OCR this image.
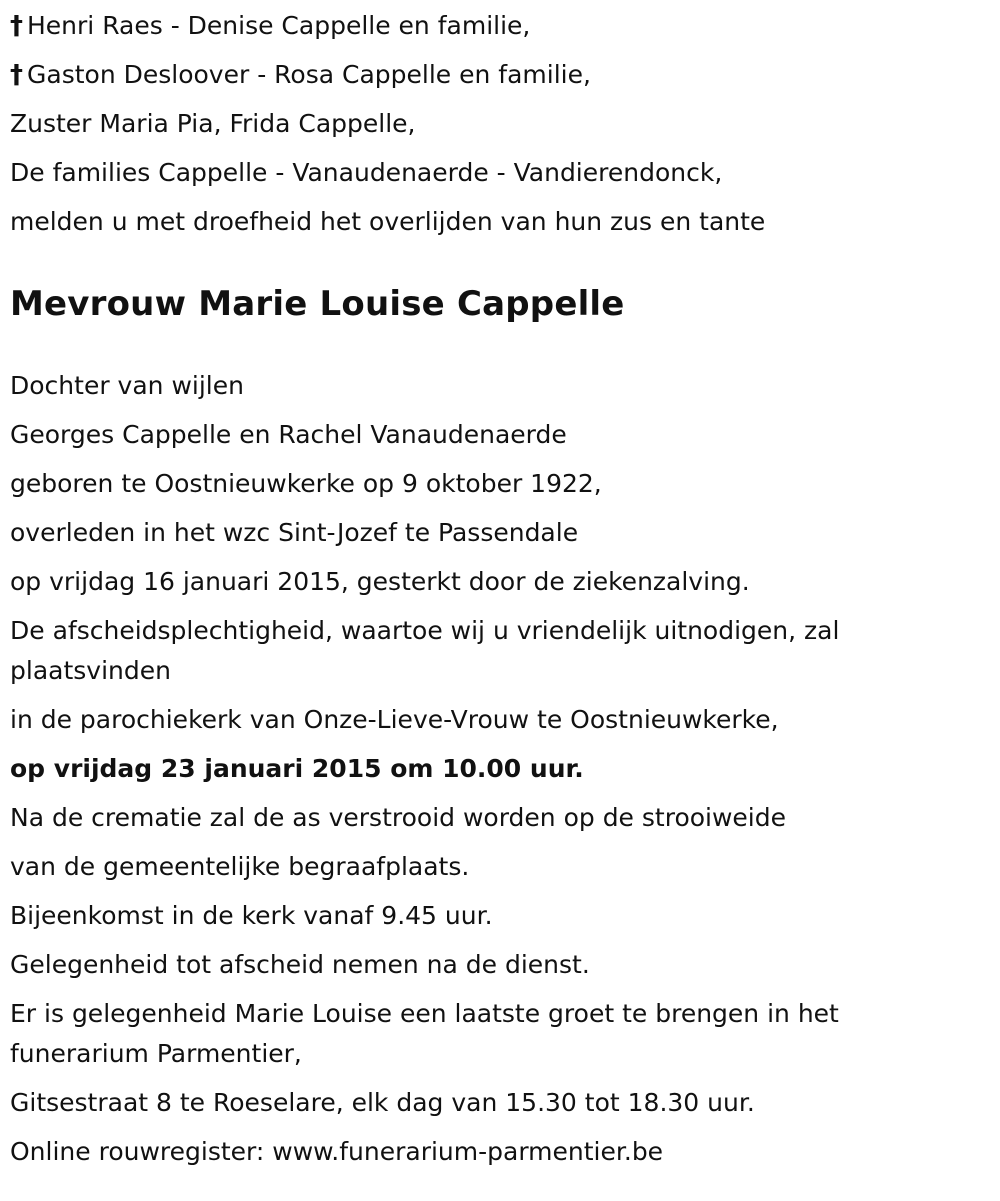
† Henri Raes - Denise Cappelle en familie,
† Gaston Desloover - Rosa Cappelle en familie,
Zuster Maria Pia, Frida Cappelle,
De families Cappelle - Vanaudenaerde - Vandierendonck,
melden u met droefheid het overlijden van hun zus en tante
Mevrouw Marie Louise Cappelle
Dochter van wijlen
Georges Cappelle en Rachel Vanaudenaerde
geboren te Oostnieuwkerke op 9 oktober 1922,
overleden in het wzc Sint-Jozef te Passendale
op vrijdag 16 januari 2015, gesterkt door de ziekenzalving.
De afscheidsplechtigheid, waartoe wij u vriendelijk uitnodigen, zal
plaatsvinden
in de parochiekerk van Onze-Lieve-Vrouw te Oostnieuwkerke,
op vrijdag 23 januari 2015 om 10.00 uur.
Na de crematie zal de as verstrooid worden op de strooiweide
van de gemeentelijke begraafplaats.
Bijeenkomst in de kerk vanaf 9.45 uur.
Gelegenheid tot afscheid nemen na de dienst.
Er is gelegenheid Marie Louise een laatste groet te brengen in het
funerarium Parmentier,
Gitsestraat 8 te Roeselare, elk dag van 15.30 tot 18.30 uur.
Online rouwregister: www.funerarium-parmentier.be
